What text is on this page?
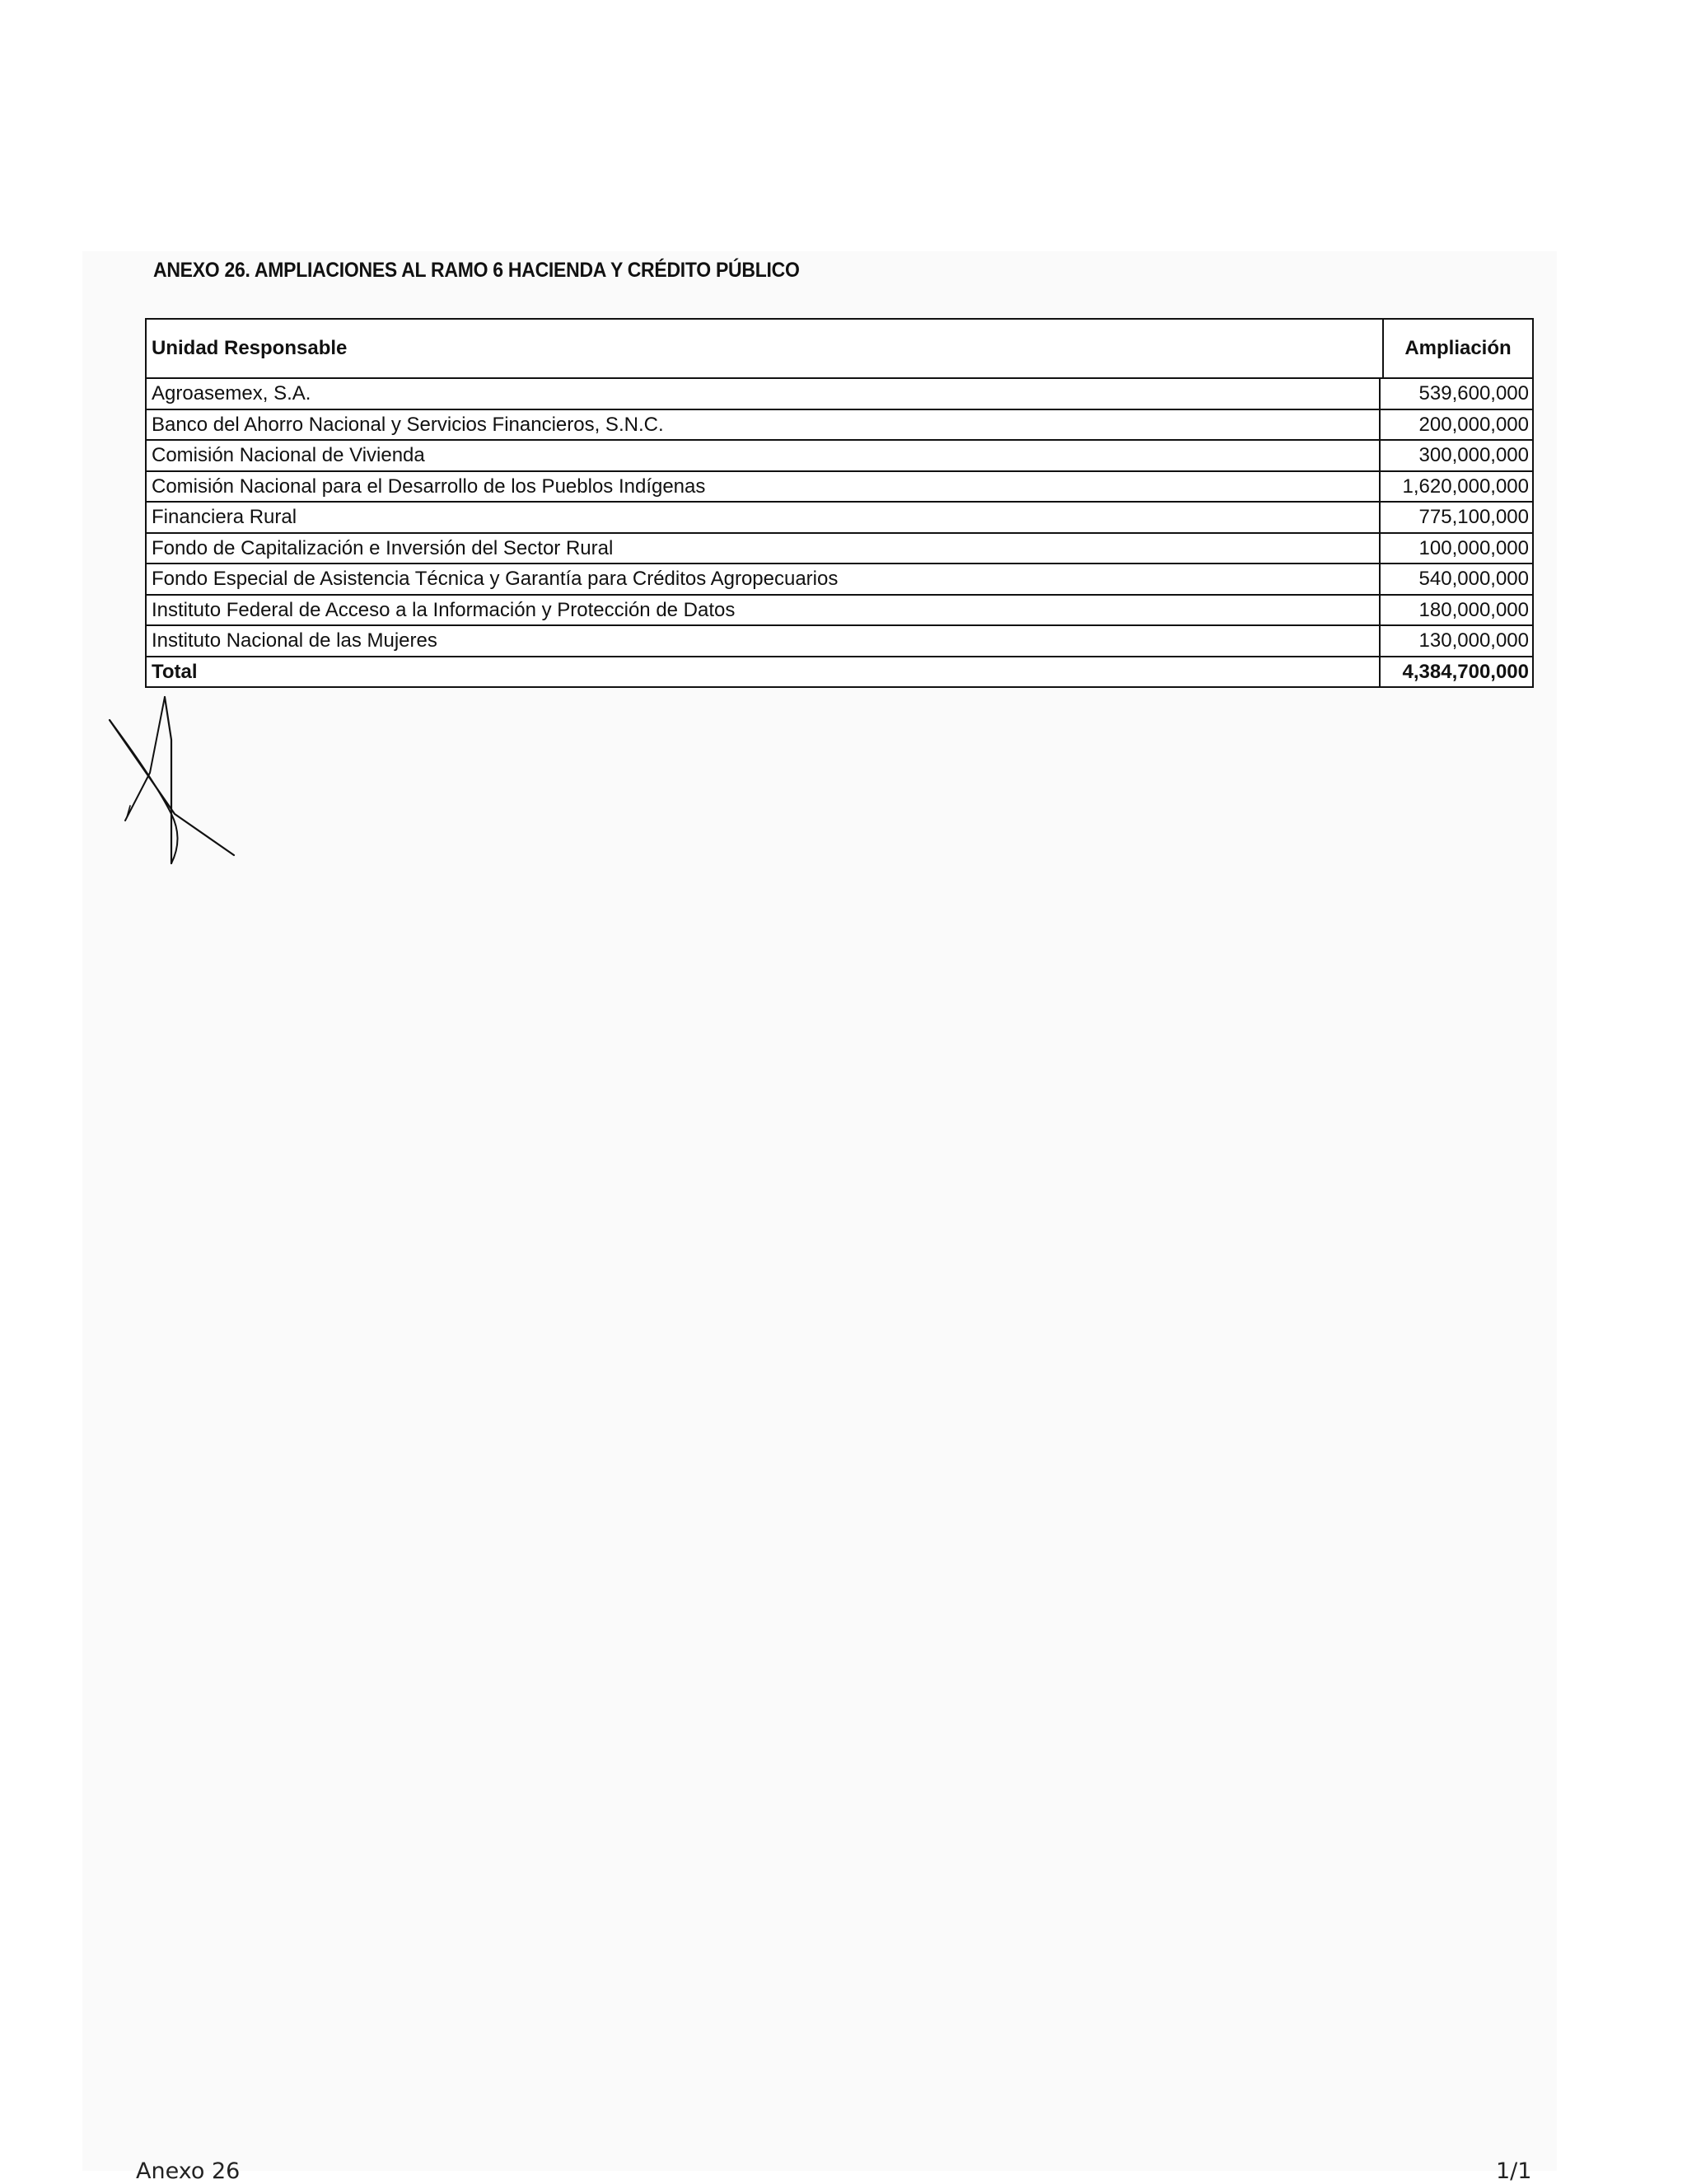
ANEXO 26. AMPLIACIONES AL RAMO 6 HACIENDA Y CRÉDITO PÚBLICO
Unidad Responsable	Ampliación
Agroasemex, S.A.	539,600,000
Banco del Ahorro Nacional y Servicios Financieros, S.N.C.	200,000,000
Comisión Nacional de Vivienda	300,000,000
Comisión Nacional para el Desarrollo de los Pueblos Indígenas	1,620,000,000
Financiera Rural	775,100,000
Fondo de Capitalización e Inversión del Sector Rural	100,000,000
Fondo Especial de Asistencia Técnica y Garantía para Créditos Agropecuarios	540,000,000
Instituto Federal de Acceso a la Información y Protección de Datos	180,000,000
Instituto Nacional de las Mujeres	130,000,000
Total	4,384,700,000
Anexo 26	1/1
